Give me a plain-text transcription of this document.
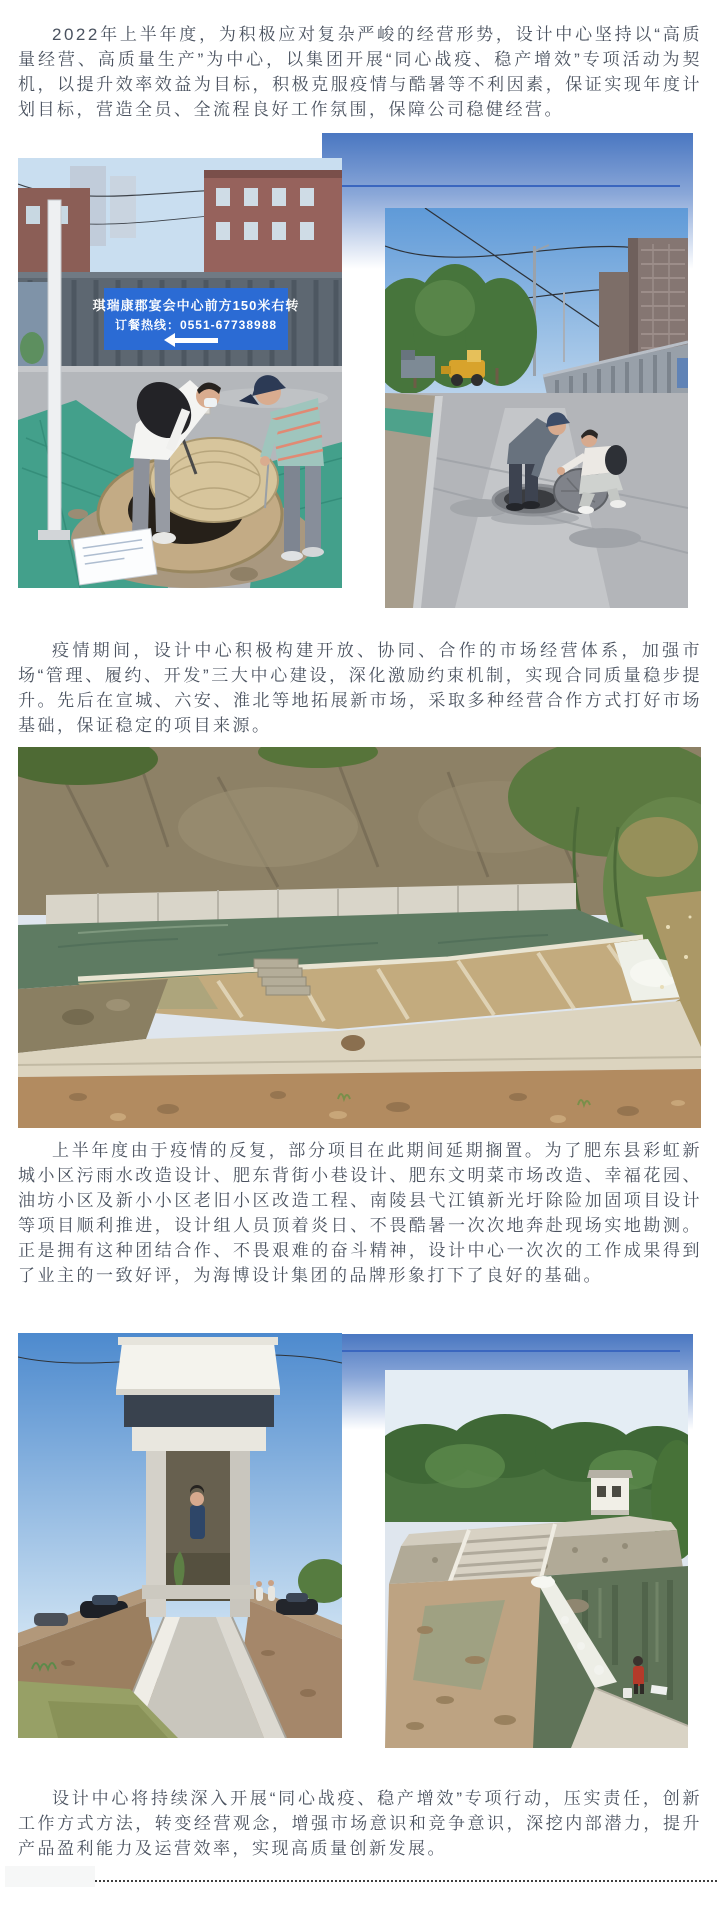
2022年上半年度，为积极应对复杂严峻的经营形势，设计中心坚持以“高质量经营、高质量生产”为中心，以集团开展“同心战疫、稳产增效”专项活动为契机，以提升效率效益为目标，积极克服疫情与酷暑等不利因素，保证实现年度计划目标，营造全员、全流程良好工作氛围，保障公司稳健经营。

琪瑞康郡宴会中心前方150米右转
订餐热线：0551-67738988

疫情期间，设计中心积极构建开放、协同、合作的市场经营体系，加强市场“管理、履约、开发”三大中心建设，深化激励约束机制，实现合同质量稳步提升。先后在宣城、六安、淮北等地拓展新市场，采取多种经营合作方式打好市场基础，保证稳定的项目来源。

上半年度由于疫情的反复，部分项目在此期间延期搁置。为了肥东县彩虹新城小区污雨水改造设计、肥东背街小巷设计、肥东文明菜市场改造、幸福花园、油坊小区及新小小区老旧小区改造工程、南陵县弋江镇新光圩除险加固项目设计等项目顺利推进，设计组人员顶着炎日、不畏酷暑一次次地奔赴现场实地勘测。正是拥有这种团结合作、不畏艰难的奋斗精神，设计中心一次次的工作成果得到了业主的一致好评，为海博设计集团的品牌形象打下了良好的基础。

设计中心将持续深入开展“同心战疫、稳产增效”专项行动，压实责任，创新工作方式方法，转变经营观念，增强市场意识和竞争意识，深挖内部潜力，提升产品盈利能力及运营效率，实现高质量创新发展。
